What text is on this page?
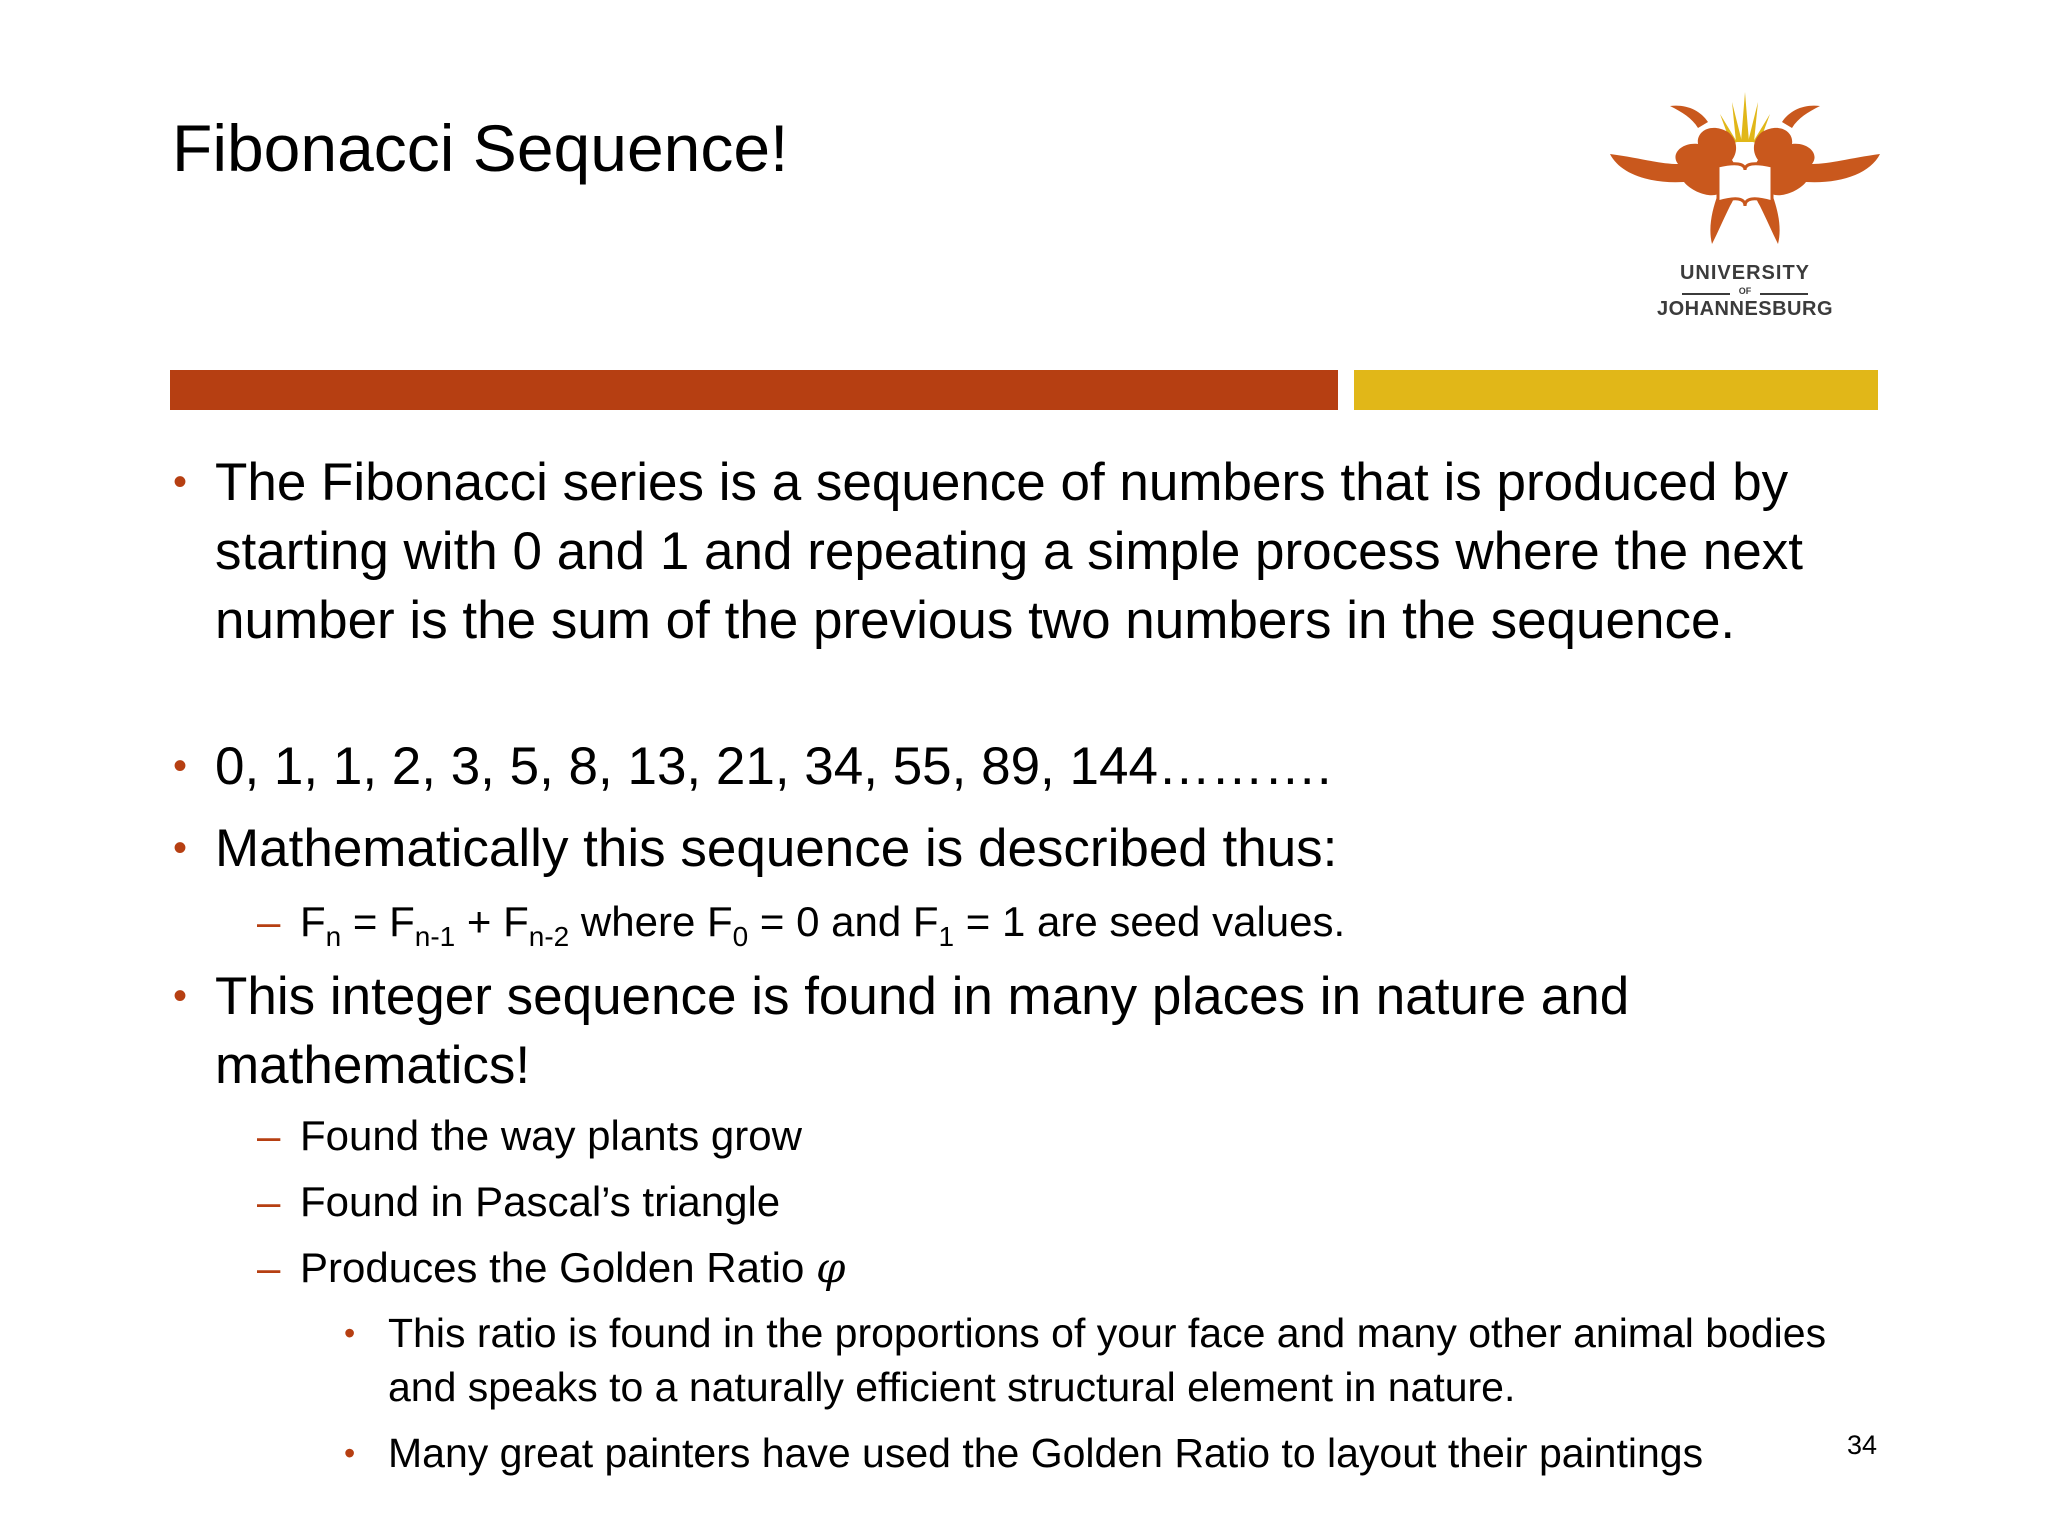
Fibonacci Sequence!
UNIVERSITY
OF
JOHANNESBURG
• The Fibonacci series is a sequence of numbers that is produced by starting with 0 and 1 and repeating a simple process where the next number is the sum of the previous two numbers in the sequence.
• 0, 1, 1, 2, 3, 5, 8, 13, 21, 34, 55, 89, 144……….
• Mathematically this sequence is described thus:
– $F_n = F_{n-1} + F_{n-2}$ where $F_0 = 0$ and $F_1 = 1$ are seed values.
• This integer sequence is found in many places in nature and mathematics!
– Found the way plants grow
– Found in Pascal’s triangle
– Produces the Golden Ratio φ
• This ratio is found in the proportions of your face and many other animal bodies and speaks to a naturally efficient structural element in nature.
• Many great painters have used the Golden Ratio to layout their paintings	34
